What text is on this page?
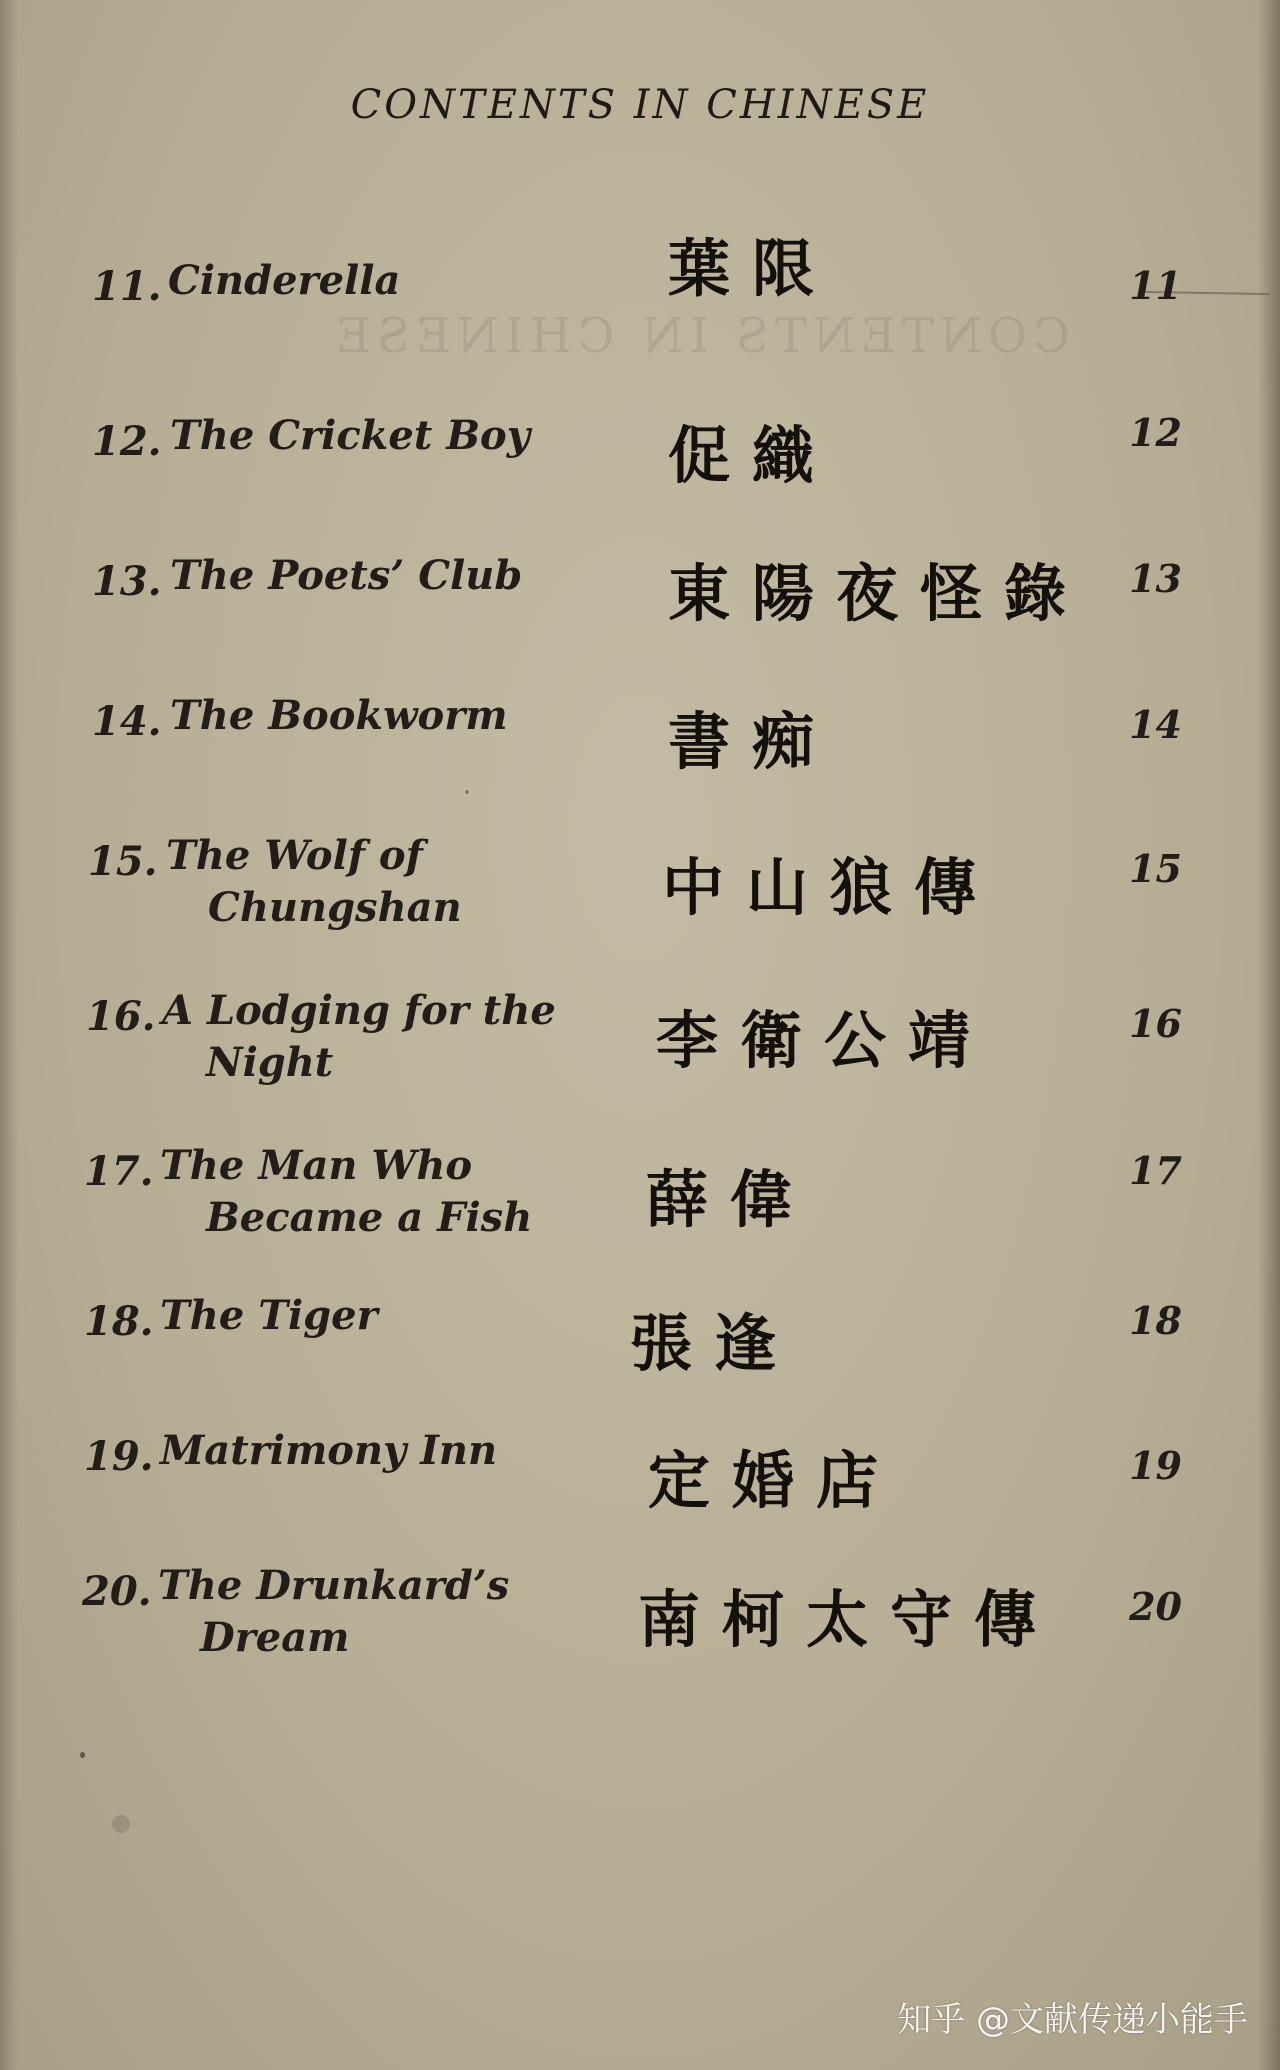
CONTENTS IN CHINESE
CONTENTS IN CHINESE
11. Cinderella	葉限	11
12. The Cricket Boy 促織	12
13. The Poets’ Club 東陽夜怪錄 13
14. The Bookworm	書痴	14
15. The Wolf of
Chungshan	中山狼傳	15
16. A Lodging for the
Night	李衛公靖	16
17. The Man Who
Became a Fish 薛偉	17
18. The Tiger	張逢	18
19. Matrimony Inn 定婚店	19
20. The Drunkard’s
Dream	南柯太守傳 20
知乎 @文献传递小能手
